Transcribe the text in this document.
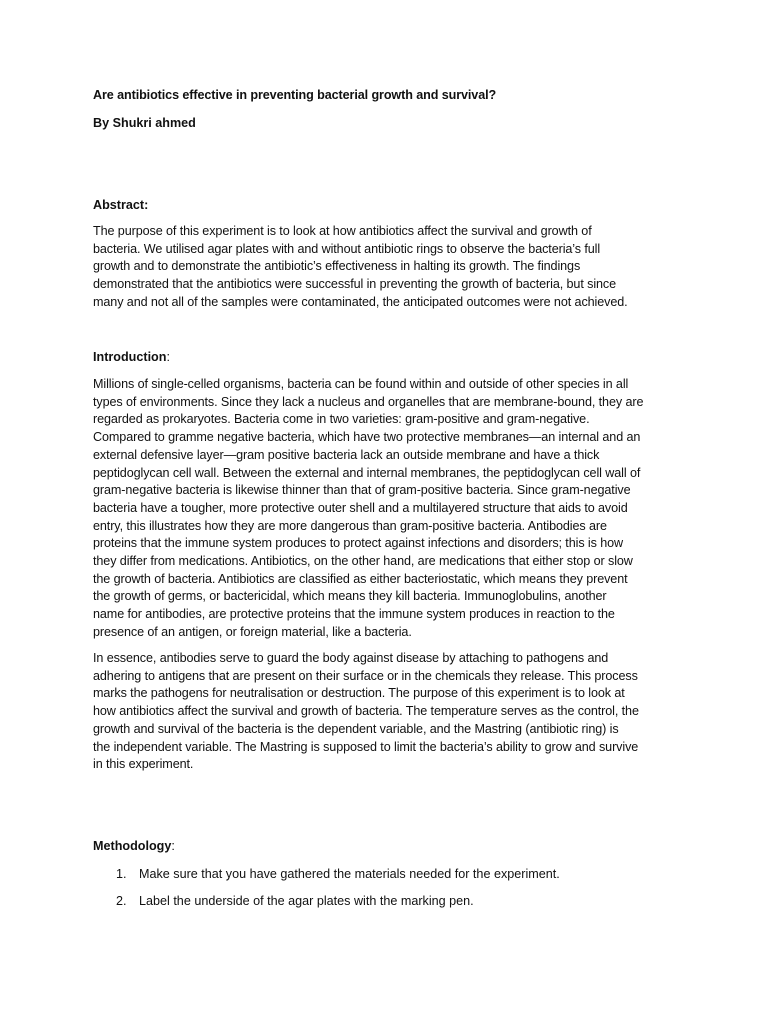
Are antibiotics effective in preventing bacterial growth and survival?
By Shukri ahmed
Abstract:
The purpose of this experiment is to look at how antibiotics affect the survival and growth of
bacteria. We utilised agar plates with and without antibiotic rings to observe the bacteria’s full
growth and to demonstrate the antibiotic’s effectiveness in halting its growth. The findings
demonstrated that the antibiotics were successful in preventing the growth of bacteria, but since
many and not all of the samples were contaminated, the anticipated outcomes were not achieved.
Introduction:
Millions of single-celled organisms, bacteria can be found within and outside of other species in all
types of environments. Since they lack a nucleus and organelles that are membrane-bound, they are
regarded as prokaryotes. Bacteria come in two varieties: gram-positive and gram-negative.
Compared to gramme negative bacteria, which have two protective membranes—an internal and an
external defensive layer—gram positive bacteria lack an outside membrane and have a thick
peptidoglycan cell wall. Between the external and internal membranes, the peptidoglycan cell wall of
gram-negative bacteria is likewise thinner than that of gram-positive bacteria. Since gram-negative
bacteria have a tougher, more protective outer shell and a multilayered structure that aids to avoid
entry, this illustrates how they are more dangerous than gram-positive bacteria. Antibodies are
proteins that the immune system produces to protect against infections and disorders; this is how
they differ from medications. Antibiotics, on the other hand, are medications that either stop or slow
the growth of bacteria. Antibiotics are classified as either bacteriostatic, which means they prevent
the growth of germs, or bactericidal, which means they kill bacteria. Immunoglobulins, another
name for antibodies, are protective proteins that the immune system produces in reaction to the
presence of an antigen, or foreign material, like a bacteria.
In essence, antibodies serve to guard the body against disease by attaching to pathogens and
adhering to antigens that are present on their surface or in the chemicals they release. This process
marks the pathogens for neutralisation or destruction. The purpose of this experiment is to look at
how antibiotics affect the survival and growth of bacteria. The temperature serves as the control, the
growth and survival of the bacteria is the dependent variable, and the Mastring (antibiotic ring) is
the independent variable. The Mastring is supposed to limit the bacteria’s ability to grow and survive
in this experiment.
Methodology:
1. Make sure that you have gathered the materials needed for the experiment.
2. Label the underside of the agar plates with the marking pen.
